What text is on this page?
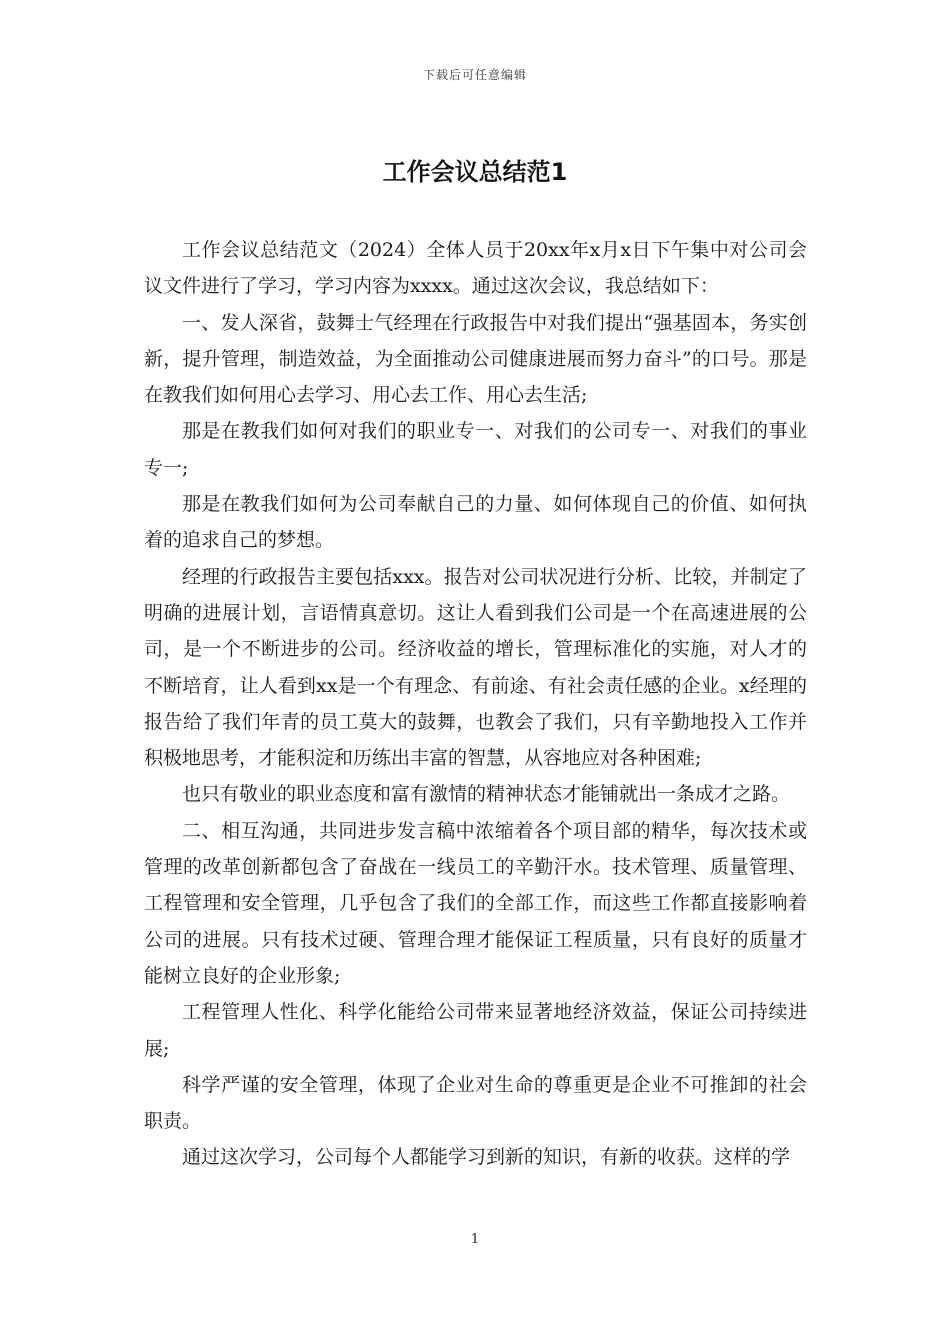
下载后可任意编辑
工作会议总结范1

工作会议总结范文（2024）全体人员于20xx年x月x日下午集中对公司会议文件进行了学习，学习内容为xxxx。通过这次会议，我总结如下：

一、发人深省，鼓舞士气经理在行政报告中对我们提出“强基固本，务实创新，提升管理，制造效益，为全面推动公司健康进展而努力奋斗”的口号。那是在教我们如何用心去学习、用心去工作、用心去生活;

那是在教我们如何对我们的职业专一、对我们的公司专一、对我们的事业专一;

那是在教我们如何为公司奉献自己的力量、如何体现自己的价值、如何执着的追求自己的梦想。

经理的行政报告主要包括xxx。报告对公司状况进行分析、比较，并制定了明确的进展计划，言语情真意切。这让人看到我们公司是一个在高速进展的公司，是一个不断进步的公司。经济收益的增长，管理标准化的实施，对人才的不断培育，让人看到xx是一个有理念、有前途、有社会责任感的企业。x经理的报告给了我们年青的员工莫大的鼓舞，也教会了我们，只有辛勤地投入工作并积极地思考，才能积淀和历练出丰富的智慧，从容地应对各种困难;

也只有敬业的职业态度和富有激情的精神状态才能铺就出一条成才之路。

二、相互沟通，共同进步发言稿中浓缩着各个项目部的精华，每次技术或管理的改革创新都包含了奋战在一线员工的辛勤汗水。技术管理、质量管理、工程管理和安全管理，几乎包含了我们的全部工作，而这些工作都直接影响着公司的进展。只有技术过硬、管理合理才能保证工程质量，只有良好的质量才能树立良好的企业形象;

工程管理人性化、科学化能给公司带来显著地经济效益，保证公司持续进展;

科学严谨的安全管理，体现了企业对生命的尊重更是企业不可推卸的社会职责。

通过这次学习，公司每个人都能学习到新的知识，有新的收获。这样的学

1
